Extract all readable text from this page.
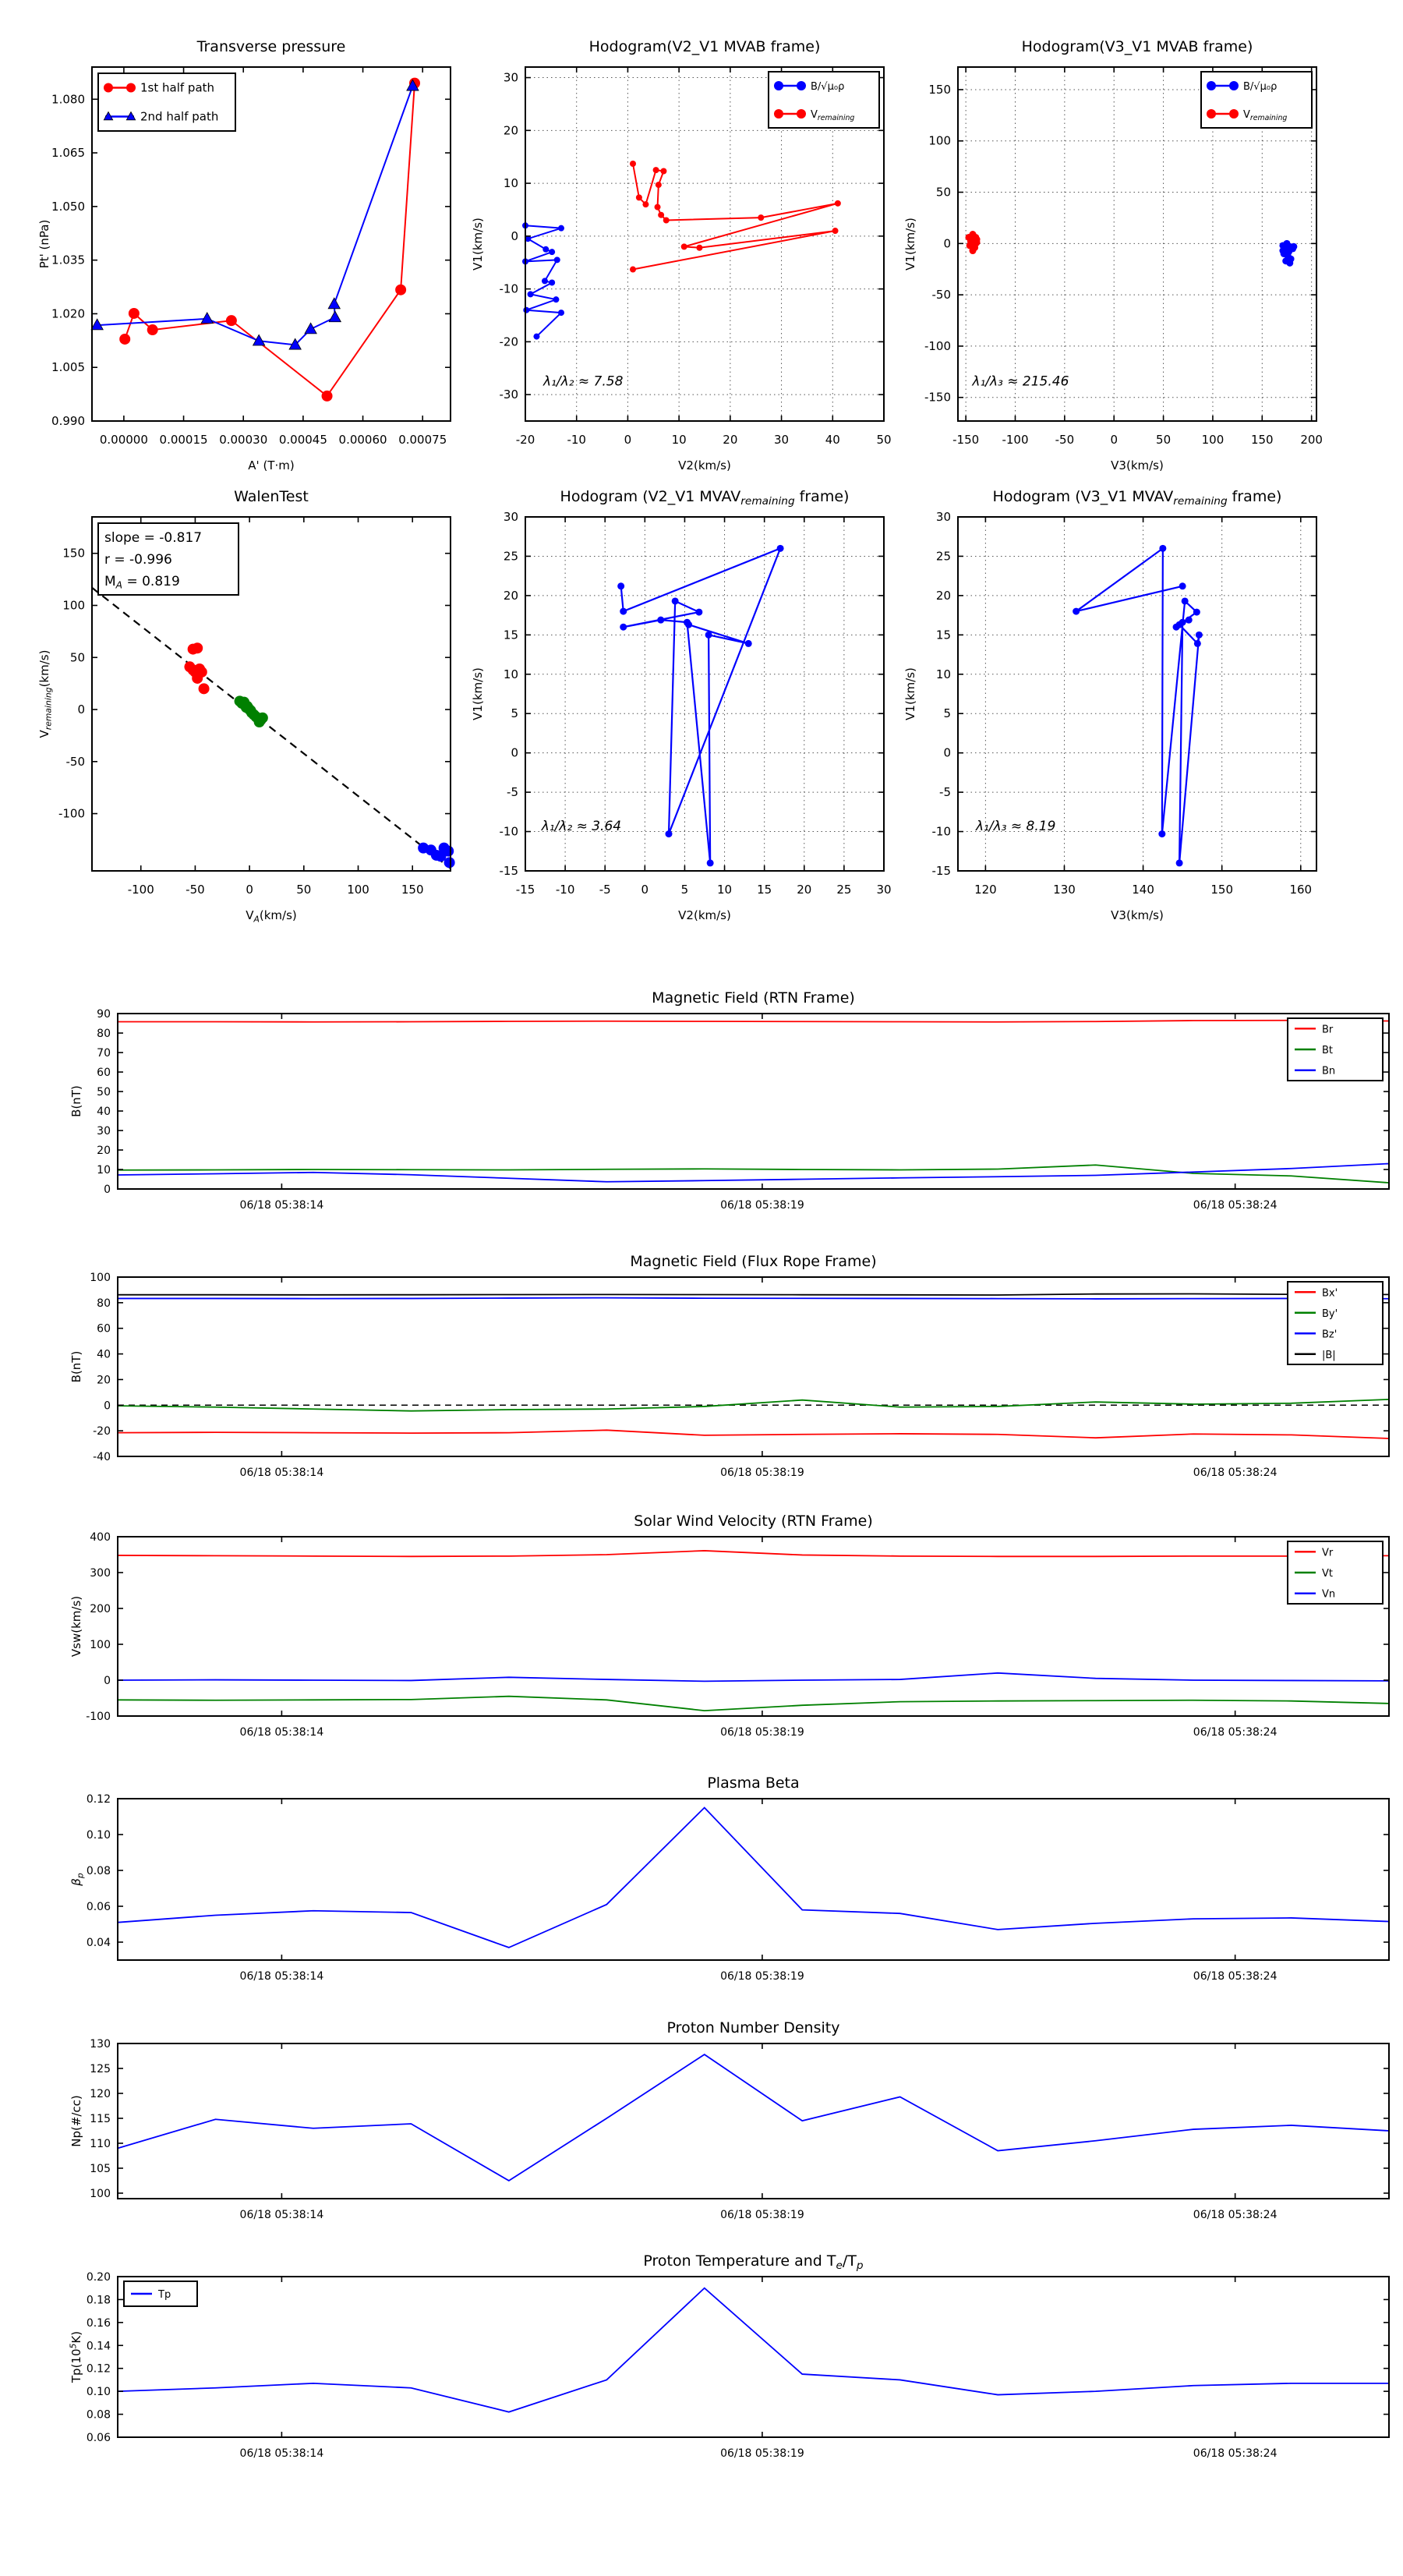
0.00000 0.00015 0.00030 0.00045 0.00060 0.00075
0.990
1.005
1.020
1.035
1.050
1.065
1.080
Transverse pressure
A' (T·m)
Pt' (nPa)
1st half path
2nd half path
-20	-10	0	10	20	30	40	50
-30
-20
-10
0
10
20
30
Hodogram(V2_V1 MVAB frame)
V2(km/s)
V1(km/s)
λ₁/λ₂ ≈ 7.58
B/√μ₀ρ
$V_{remaining}$
-150 -100 -50	0	50	100 150 200
-150
-100
-50
0
50
100
150
Hodogram(V3_V1 MVAB frame)
V3(km/s)
V1(km/s)
λ₁/λ₃ ≈ 215.46
B/√μ₀ρ
$V_{remaining}$
-100	-50	0	50	100	150
-100
-50
0
50
100
150
WalenTest
$V_A(km/s)$
$V_{remaining}(km/s)$
slope = -0.817
r = -0.996
$M_A = 0.819$
-15 -10 -5	0	5 10 15 20 25 30
-15
-10
-5
0
5
10
15
20
25
30
Hodogram (V2_V1 $MVAV_{remaining}$ frame)
V2(km/s)
V1(km/s)
λ₁/λ₂ ≈ 3.64
120	130	140	150	160
-15
-10
-5
0
5
10
15
20
25
30
Hodogram (V3_V1 $MVAV_{remaining}$ frame)
V3(km/s)
V1(km/s)
λ₁/λ₃ ≈ 8.19
06/18 05:38:14	06/18 05:38:19	06/18 05:38:24
0
10
20
30
40
50
60
70
80
90
Magnetic Field (RTN Frame)
B(nT)
Br
Bt
Bn
06/18 05:38:14	06/18 05:38:19	06/18 05:38:24
-40
-20
0
20
40
60
80
100
Magnetic Field (Flux Rope Frame)
B(nT)
Bx'
By'
Bz'
|B|
06/18 05:38:14	06/18 05:38:19	06/18 05:38:24
-100
0
100
200
300
400
Solar Wind Velocity (RTN Frame)
Vsw(km/s)
Vr
Vt
Vn
06/18 05:38:14	06/18 05:38:19	06/18 05:38:24
0.04
0.06
0.08
0.10
0.12
Plasma Beta
$\beta_p$
06/18 05:38:14	06/18 05:38:19	06/18 05:38:24
100
105
110
115
120
125
130
Proton Number Density
Np(#/cc)
06/18 05:38:14	06/18 05:38:19	06/18 05:38:24
0.06
0.08
0.10
0.12
0.14
0.16
0.18
0.20
Proton Temperature and $T_e/T_p$
$Tp(10^5K)$
Tp
